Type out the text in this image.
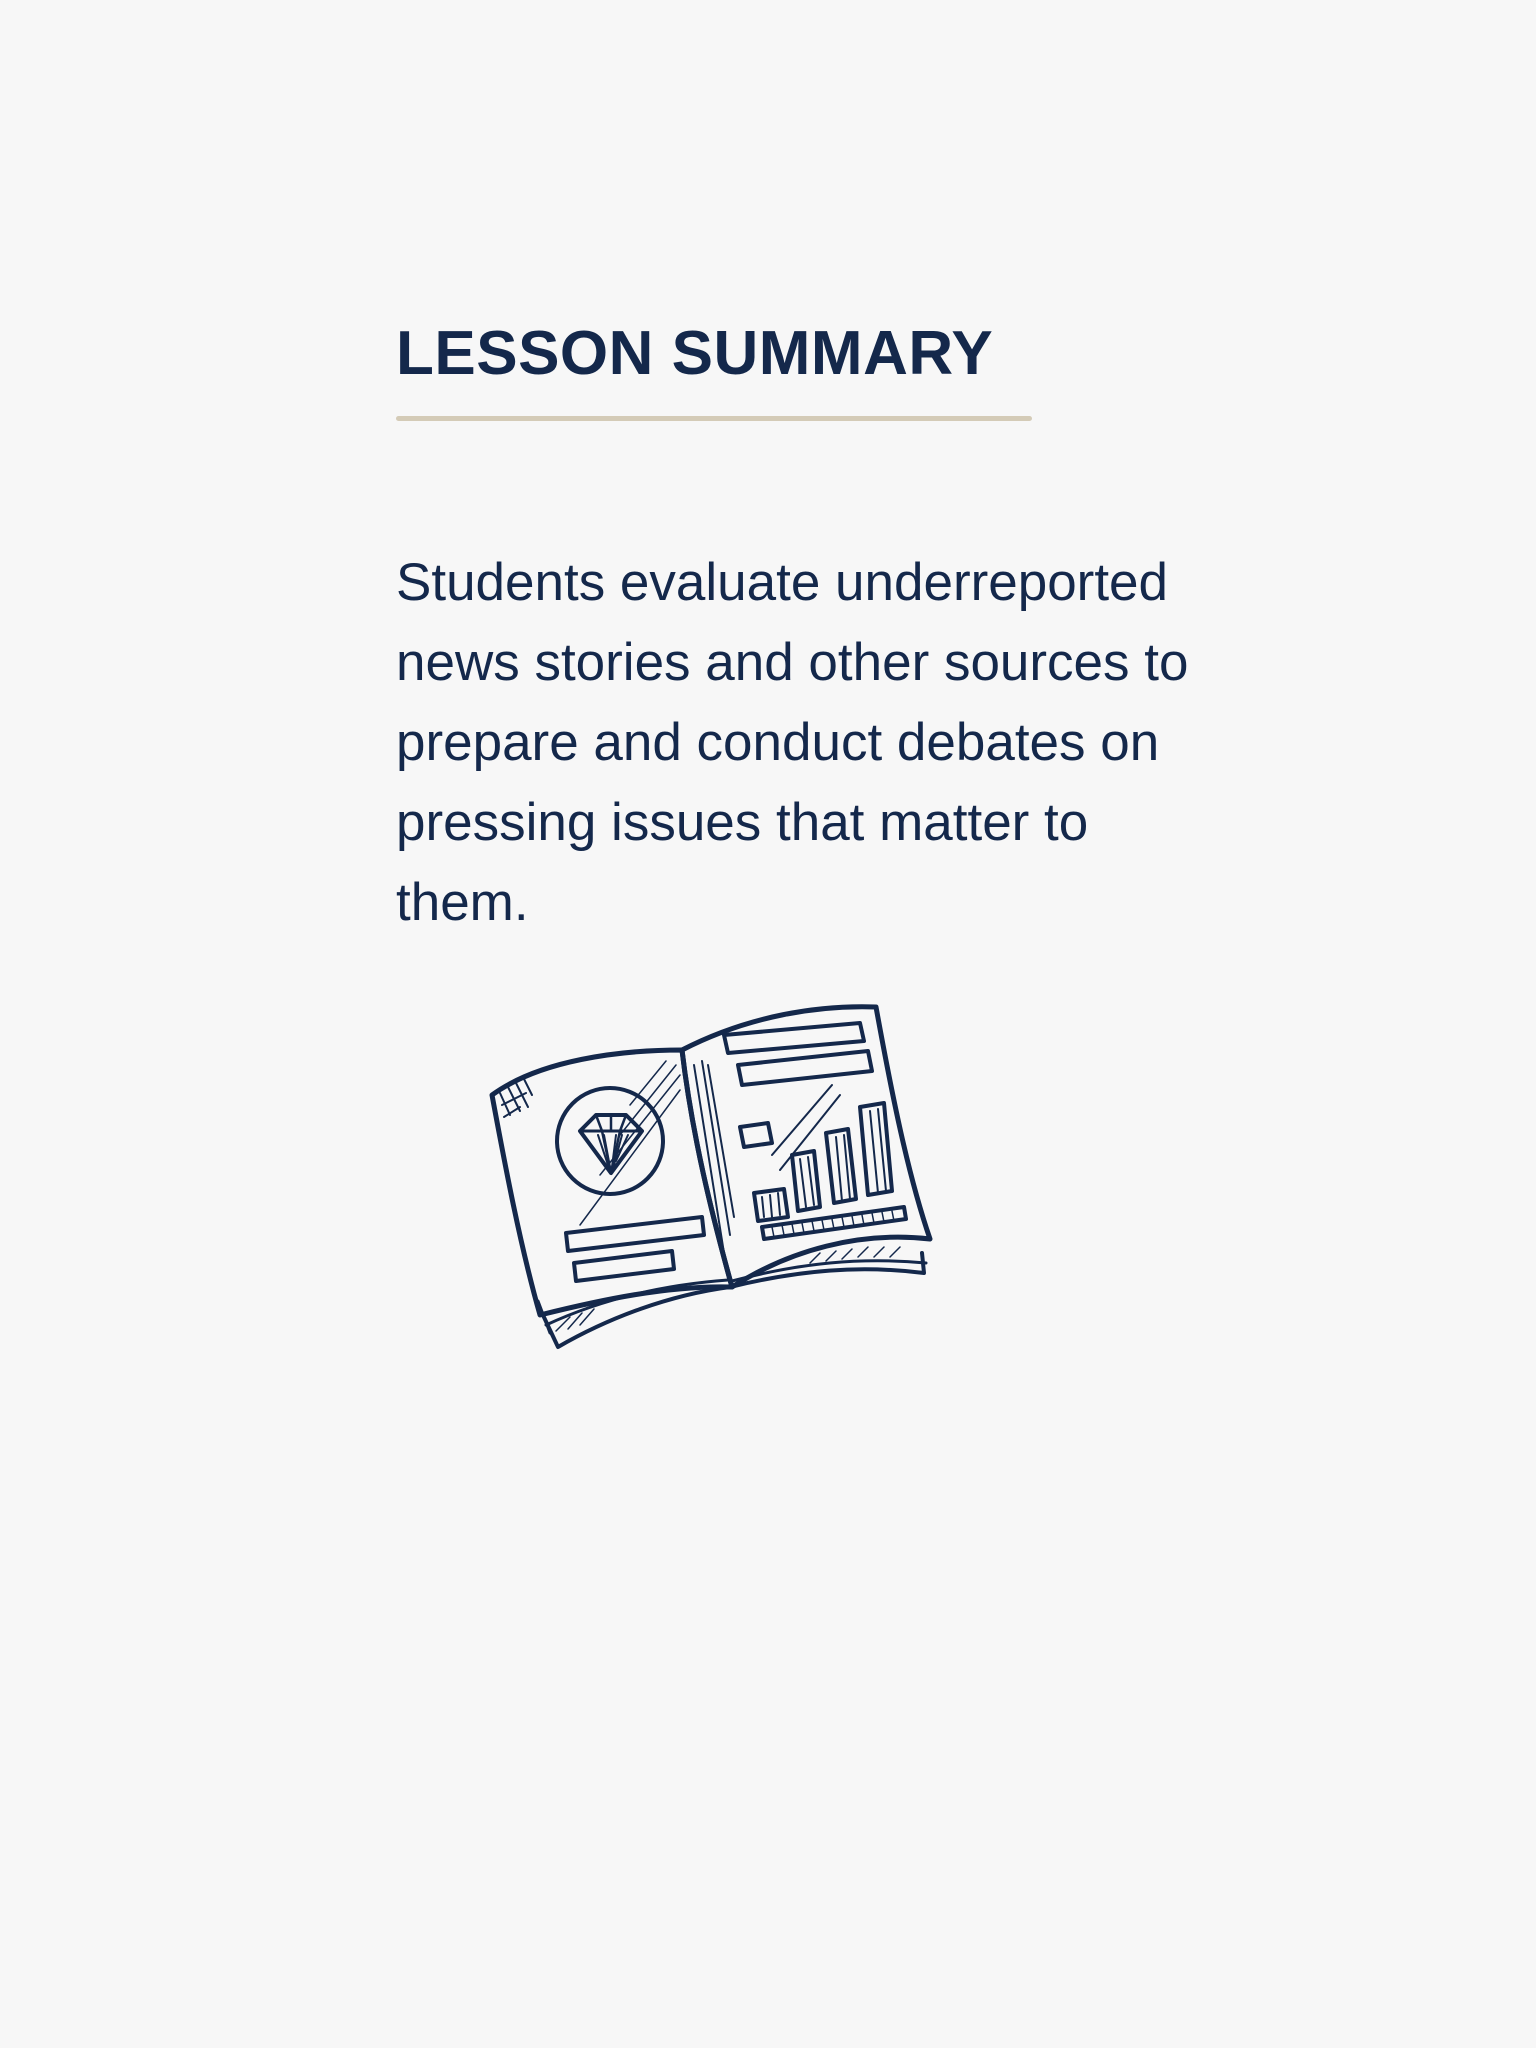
LESSON SUMMARY

Students evaluate underreported news stories and other sources to prepare and conduct debates on pressing issues that matter to them.
